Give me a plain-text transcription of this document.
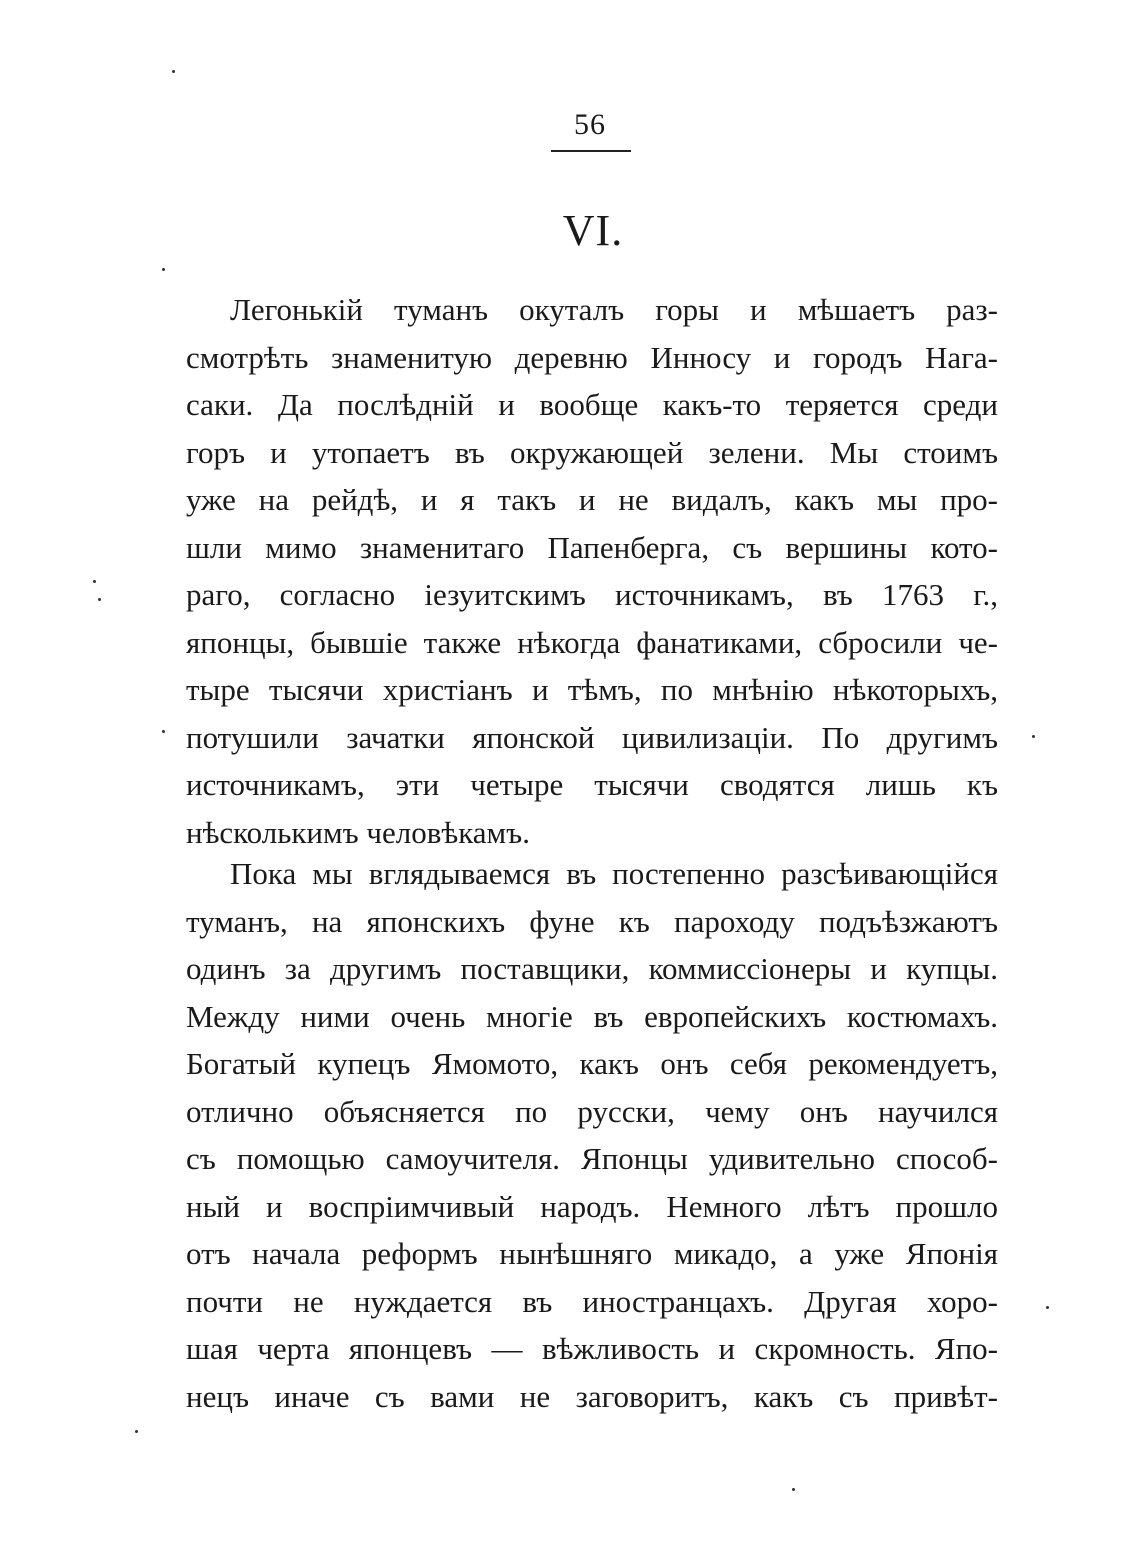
56
VI.
Легонькій туманъ окуталъ горы и мѣшаетъ раз-
смотрѣть знаменитую деревню Инносу и городъ Нага-
саки. Да послѣдній и вообще какъ-то теряется среди
горъ и утопаетъ въ окружающей зелени. Мы стоимъ
уже на рейдѣ, и я такъ и не видалъ, какъ мы про-
шли мимо знаменитаго Папенберга, съ вершины кото-
раго, согласно іезуитскимъ источникамъ, въ 1763 г.,
японцы, бывшіе также нѣкогда фанатиками, сбросили че-
тыре тысячи христіанъ и тѣмъ, по мнѣнію нѣкоторыхъ,
потушили зачатки японской цивилизаціи. По другимъ
источникамъ, эти четыре тысячи сводятся лишь къ
нѣсколькимъ человѣкамъ.
Пока мы вглядываемся въ постепенно разсѣивающійся
туманъ, на японскихъ фуне къ пароходу подъѣзжаютъ
одинъ за другимъ поставщики, коммиссіонеры и купцы.
Между ними очень многіе въ европейскихъ костюмахъ.
Богатый купецъ Ямомото, какъ онъ себя рекомендуетъ,
отлично объясняется по русски, чему онъ научился
съ помощью самоучителя. Японцы удивительно способ-
ный и воспріимчивый народъ. Немного лѣтъ прошло
отъ начала реформъ нынѣшняго микадо, а уже Японія
почти не нуждается въ иностранцахъ. Другая хоро-
шая черта японцевъ — вѣжливость и скромность. Япо-
нецъ иначе съ вами не заговоритъ, какъ съ привѣт-
